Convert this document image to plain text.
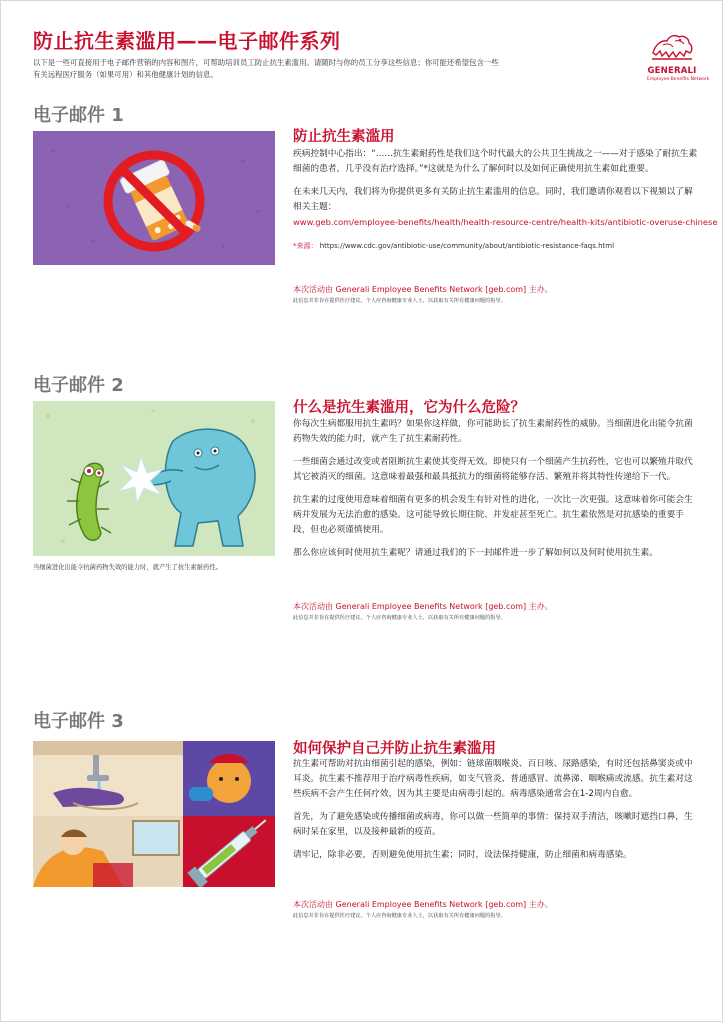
防止抗生素滥用——电子邮件系列
以下是一些可直接用于电子邮件营销的内容和图片，可帮助培训员工防止抗生素滥用。请随时与你的员工分享这些信息；你可能还希望包含一些有关远程医疗服务（如果可用）和其他健康计划的信息。	GENERALI
Employee Benefits Network
电子邮件 1
防止抗生素滥用

疾病控制中心指出：“……抗生素耐药性是我们这个时代最大的公共卫生挑战之一——对于感染了耐抗生素细菌的患者，几乎没有治疗选择。”*这就是为什么了解何时以及如何正确使用抗生素如此重要。

在未来几天内，我们将为你提供更多有关防止抗生素滥用的信息。同时，我们邀请你观看以下视频以了解相关主题：

www.geb.com/employee-benefits/health/health-resource-centre/health-kits/antibiotic-overuse-chinese

*来源： https://www.cdc.gov/antibiotic-use/community/about/antibiotic-resistance-faqs.html

本次活动由 Generali Employee Benefits Network [geb.com] 主办。
此信息并非旨在提供医疗建议。个人应咨询健康专业人士，以获取有关所有健康问题的指导。
电子邮件 2
当细菌进化出能令抗菌药物失效的能力时，就产生了抗生素耐药性。
什么是抗生素滥用，它为什么危险？

你每次生病都服用抗生素吗？如果你这样做，你可能助长了抗生素耐药性的威胁。当细菌进化出能令抗菌药物失效的能力时，就产生了抗生素耐药性。

一些细菌会通过改变或者阻断抗生素使其变得无效。即使只有一个细菌产生抗药性，它也可以繁殖并取代其它被消灭的细菌。这意味着最强和最具抵抗力的细菌将能够存活、繁殖并将其特性传递给下一代。

抗生素的过度使用意味着细菌有更多的机会发生有针对性的进化，一次比一次更强。这意味着你可能会生病并发展为无法治愈的感染。这可能导致长期住院、并发症甚至死亡。抗生素依然是对抗感染的重要手段，但也必须谨慎使用。

那么你应该何时使用抗生素呢？请通过我们的下一封邮件进一步了解如何以及何时使用抗生素。

本次活动由 Generali Employee Benefits Network [geb.com] 主办。
此信息并非旨在提供医疗建议。个人应咨询健康专业人士，以获取有关所有健康问题的指导。
电子邮件 3
如何保护自己并防止抗生素滥用

抗生素可帮助对抗由细菌引起的感染，例如：链球菌咽喉炎、百日咳、尿路感染，有时还包括鼻窦炎或中耳炎。抗生素不推荐用于治疗病毒性疾病，如支气管炎、普通感冒、流鼻涕、咽喉痛或流感。抗生素对这些疾病不会产生任何疗效，因为其主要是由病毒引起的。病毒感染通常会在1-2周内自愈。

首先，为了避免感染或传播细菌或病毒，你可以做一些简单的事情：保持双手清洁，咳嗽时遮挡口鼻，生病时呆在家里，以及接种最新的疫苗。

请牢记，除非必要，否则避免使用抗生素；同时，设法保持健康，防止细菌和病毒感染。

本次活动由 Generali Employee Benefits Network [geb.com] 主办。
此信息并非旨在提供医疗建议。个人应咨询健康专业人士，以获取有关所有健康问题的指导。
